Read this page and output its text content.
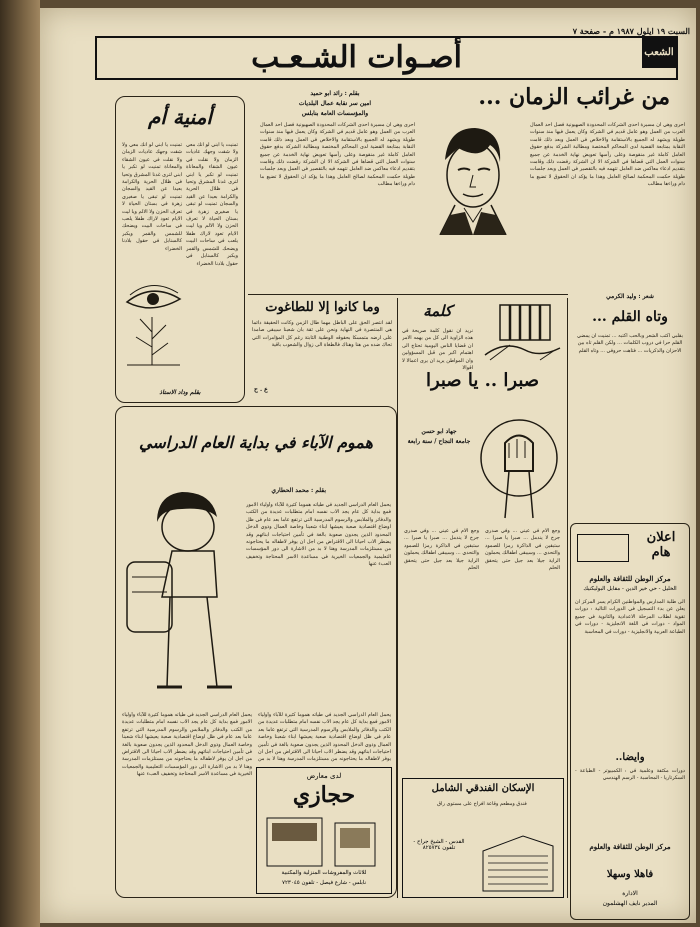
السبت ١٩ ايلول ١٩٨٧ م - صفحة ٧
أصـوات الشـعـب	الشعب
من غرائب الزمان ...
بقلم : رائد ابو حميد
امين سر نقابة عمال البلديات
والمؤسسات العامة بنابلس
احرى وهي ان مسيرة احدى الشركات المحدودة الصهيونية فصل احد العمال العرب من العمل وهو عامل قديم في الشركة وكان يعمل فيها منذ سنوات طويلة ويشهد له الجميع بالاستقامة والاخلاص في العمل وبعد ذلك قامت النقابة بمتابعة القضية لدى المحاكم المختصة ومطالبة الشركة بدفع حقوق العامل كاملة غير منقوصة وعلى رأسها تعويض نهاية الخدمة عن جميع سنوات العمل التي قضاها في الشركة الا ان الشركة رفضت ذلك وقامت بتقديم ادعاء معاكس ضد العامل تتهمه فيه بالتقصير في العمل وبعد جلسات طويلة حكمت المحكمة لصالح العامل وهذا ما يؤكد ان الحقوق لا تضيع ما دام وراءها مطالب
احرى وهي ان مسيرة احدى الشركات المحدودة الصهيونية فصل احد العمال العرب من العمل وهو عامل قديم في الشركة وكان يعمل فيها منذ سنوات طويلة ويشهد له الجميع بالاستقامة والاخلاص في العمل وبعد ذلك قامت النقابة بمتابعة القضية لدى المحاكم المختصة ومطالبة الشركة بدفع حقوق العامل كاملة غير منقوصة وعلى رأسها تعويض نهاية الخدمة عن جميع سنوات العمل التي قضاها في الشركة الا ان الشركة رفضت ذلك وقامت بتقديم ادعاء معاكس ضد العامل تتهمه فيه بالتقصير في العمل وبعد جلسات طويلة حكمت المحكمة لصالح العامل وهذا ما يؤكد ان الحقوق لا تضيع ما دام وراءها مطالب
أمنية أم
تمنيت يا ابني لو انك معي ولا شقت وجهك عاديات الزمان ولا نقلت في عيون الشقاء والمعاناة تمنيت لو تكبر يا ابني لترى غدنا المشرق وتحيا في ظلال الحرية والكرامة بعيدا عن القيد والسجان تمنيت لو تبقى يا صغيري زهرة في بستان الحياة لا تعرف الحزن ولا الالم ويا ليت الايام تعود لاراك طفلا يلعب في ساحات البيت ويضحك للشمس والقمر ويكبر كالسنابل في حقول بلادنا الخضراء
تمنيت يا ابني لو انك معي ولا شقت وجهك عاديات الزمان ولا نقلت في عيون الشقاء والمعاناة تمنيت لو تكبر يا ابني لترى غدنا المشرق وتحيا في ظلال الحرية والكرامة بعيدا عن القيد والسجان تمنيت لو تبقى يا صغيري زهرة في بستان الحياة لا تعرف الحزن ولا الالم ويا ليت الايام تعود لاراك طفلا يلعب في ساحات البيت ويضحك للشمس والقمر ويكبر كالسنابل في حقول بلادنا الخضراء
بقلم وداد الاستاذ
وما كانوا إلا للطاغوت
لقد انتصر الحق على الباطل مهما طال الزمن وكانت الحقيقة دائما هي المنتصرة في النهاية ونحن على ثقة بان شعبنا سيبقى صامدا على ارضه متمسكا بحقوقه الوطنية الثابتة رغم كل المؤامرات التي تحاك ضده من هنا وهناك فالطغاة الى زوال والشعوب باقية
ع . ح
كلمة
نريد ان نقول كلمة صريحة في هذه الزاوية الى كل من يهمه الامر ان قضايا الناس اليومية تحتاج الى اهتمام اكبر من قبل المسؤولين وان المواطن يريد ان يرى اعمالا لا اقوالا
شعر : وليد الكرمي
وتاه القلم ...
بقلبي اكتب الشعر وبالحب اكتبه ... تمنيت ان يمضي القلم حرا في دروب الكلمات ... ولكن القلم تاه بين الاحزان والذكريات ... فتاهت حروفي ... وتاه القلم
صبرا .. يا صبرا
جهاد ابو حسن
جامعة النجاح / سنة رابعة
وجع الام في عيني ... وفي صدري جرح لا يندمل ... صبرا يا صبرا ... ستبقين في الذاكرة رمزا للصمود والتحدي ... وسيبقى اطفالك يحملون الراية جيلا بعد جيل حتى يتحقق الحلم
وجع الام في عيني ... وفي صدري جرح لا يندمل ... صبرا يا صبرا ... ستبقين في الذاكرة رمزا للصمود والتحدي ... وسيبقى اطفالك يحملون الراية جيلا بعد جيل حتى يتحقق الحلم
هموم الآباء في بداية العام الدراسي
بقلم : محمد الحطاري
يحمل العام الدراسي الجديد في طياته هموما كثيرة للآباء وأولياء الامور فمع بداية كل عام يجد الاب نفسه امام متطلبات عديدة من الكتب والدفاتر والملابس والرسوم المدرسية التي ترتفع عاما بعد عام في ظل اوضاع اقتصادية صعبة يعيشها ابناء شعبنا وخاصة العمال وذوي الدخل المحدود الذين يجدون صعوبة بالغة في تأمين احتياجات ابنائهم وقد يضطر الاب احيانا الى الاقتراض من اجل ان يوفر لاطفاله ما يحتاجونه من مستلزمات المدرسة وهنا لا بد من الاشارة الى دور المؤسسات التعليمية والجمعيات الخيرية في مساعدة الاسر المحتاجة وتخفيف العبء عنها
يحمل العام الدراسي الجديد في طياته هموما كثيرة للآباء وأولياء الامور فمع بداية كل عام يجد الاب نفسه امام متطلبات عديدة من الكتب والدفاتر والملابس والرسوم المدرسية التي ترتفع عاما بعد عام في ظل اوضاع اقتصادية صعبة يعيشها ابناء شعبنا وخاصة العمال وذوي الدخل المحدود الذين يجدون صعوبة بالغة في تأمين احتياجات ابنائهم وقد يضطر الاب احيانا الى الاقتراض من اجل ان يوفر لاطفاله ما يحتاجونه من مستلزمات المدرسة وهنا لا بد من الاشارة الى دور المؤسسات التعليمية والجمعيات الخيرية في مساعدة الاسر المحتاجة وتخفيف العبء عنها
يحمل العام الدراسي الجديد في طياته هموما كثيرة للآباء وأولياء الامور فمع بداية كل عام يجد الاب نفسه امام متطلبات عديدة من الكتب والدفاتر والملابس والرسوم المدرسية التي ترتفع عاما بعد عام في ظل اوضاع اقتصادية صعبة يعيشها ابناء شعبنا وخاصة العمال وذوي الدخل المحدود الذين يجدون صعوبة بالغة في تأمين احتياجات ابنائهم وقد يضطر الاب احيانا الى الاقتراض من اجل ان يوفر لاطفاله ما يحتاجونه من مستلزمات المدرسة وهنا لا بد من
لدى معارض
حجازي
للاثاث والمفروشات المنزلية والمكتبية
نابلس - شارع فيصل - تلفون ٧٢٣٠٤٥
الإسكان الفندقي الشامل
فندق ومطعم وقاعة افراح على مستوى راق
القدس - الشيخ جراح - تلفون ٨٢٥٧٣٤
اعلان هام
مركز الوطن للثقافة والعلوم
الخليل - حي خير الدين - مقابل البوليكنيك
الى طلبة المدارس والمواطنين الكرام يسر المركز ان يعلن عن بدء التسجيل في الدورات التالية : دورات تقوية لطلاب المرحلة الاعدادية والثانوية في جميع المواد - دورات في اللغة الانجليزية - دورات في الطباعة العربية والانجليزية - دورات في المحاسبة
وايضا..
دورات مكثفة وعلمية في : الكمبيوتر - الطباعة - السكرتاريا - المحاسبة - الرسم الهندسي
مركز الوطن للثقافة والعلوم
فاهلا وسهلا
الادارة
المدير نايف الهشلمون
